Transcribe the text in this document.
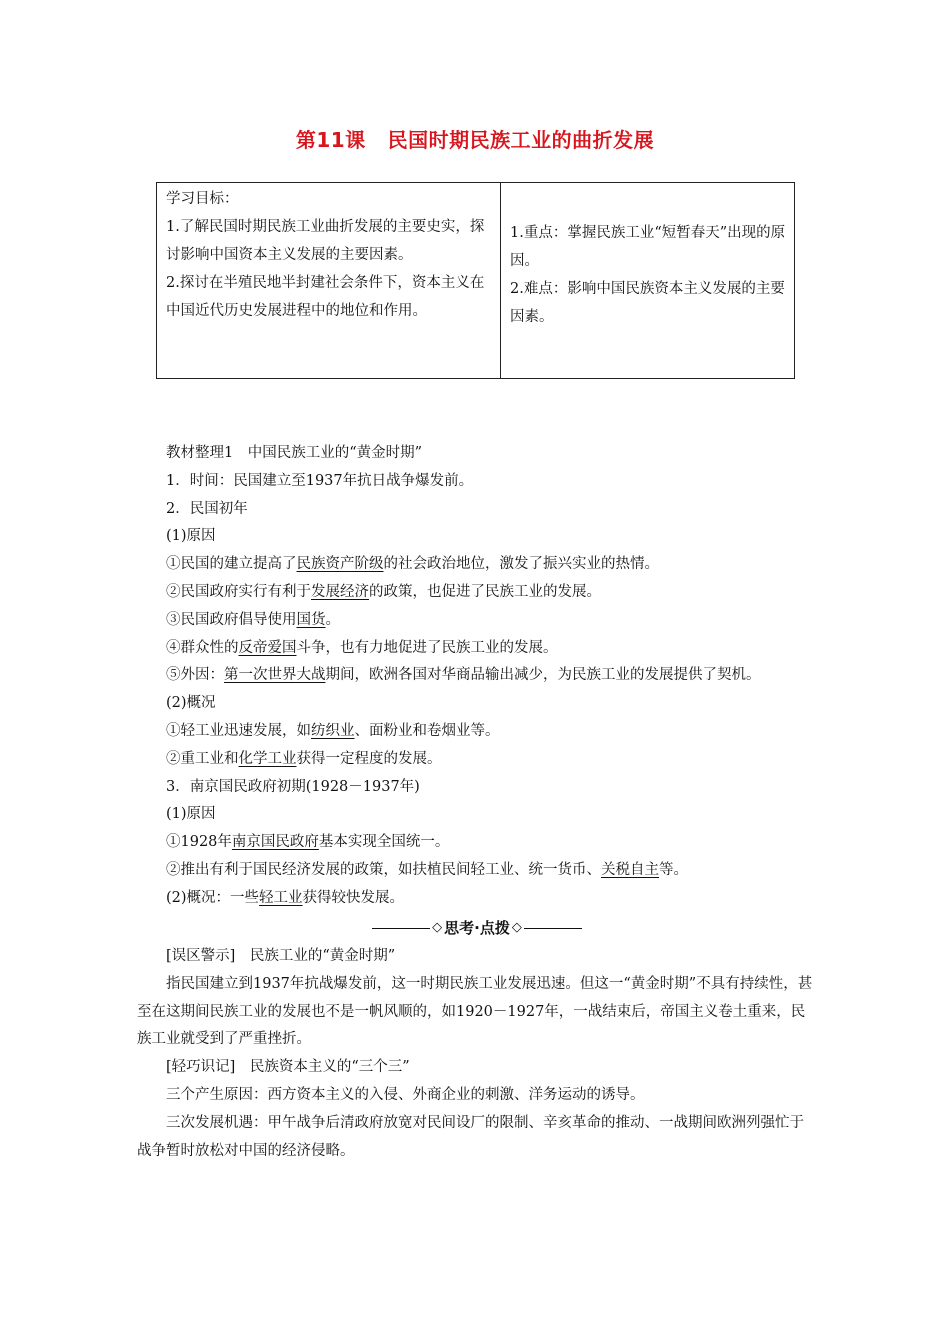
第11课 民国时期民族工业的曲折发展

学习目标：

1.了解民国时期民族工业曲折发展的主要史实，探讨影响中国资本主义发展的主要因素。

2.探讨在半殖民地半封建社会条件下，资本主义在中国近代历史发展进程中的地位和作用。

1.重点：掌握民族工业“短暂春天”出现的原因。

2.难点：影响中国民族资本主义发展的主要因素。

教材整理1　中国民族工业的“黄金时期”

1．时间：民国建立至1937年抗日战争爆发前。

2．民国初年

(1)原因

①民国的建立提高了民族资产阶级的社会政治地位，激发了振兴实业的热情。

②民国政府实行有利于发展经济的政策，也促进了民族工业的发展。

③民国政府倡导使用国货。

④群众性的反帝爱国斗争，也有力地促进了民族工业的发展。

⑤外因：第一次世界大战期间，欧洲各国对华商品输出减少，为民族工业的发展提供了契机。

(2)概况

①轻工业迅速发展，如纺织业、面粉业和卷烟业等。

②重工业和化学工业获得一定程度的发展。

3．南京国民政府初期(1928－1937年)

(1)原因

①1928年南京国民政府基本实现全国统一。

②推出有利于国民经济发展的政策，如扶植民间轻工业、统一货币、关税自主等。

(2)概况：一些轻工业获得较快发展。

◇ 思考·点拨 ◇

[误区警示]　民族工业的“黄金时期”

指民国建立到1937年抗战爆发前，这一时期民族工业发展迅速。但这一“黄金时期”不具有持续性，甚至在这期间民族工业的发展也不是一帆风顺的，如1920－1927年，一战结束后，帝国主义卷土重来，民族工业就受到了严重挫折。

[轻巧识记]　民族资本主义的“三个三”

三个产生原因：西方资本主义的入侵、外商企业的刺激、洋务运动的诱导。

三次发展机遇：甲午战争后清政府放宽对民间设厂的限制、辛亥革命的推动、一战期间欧洲列强忙于战争暂时放松对中国的经济侵略。
